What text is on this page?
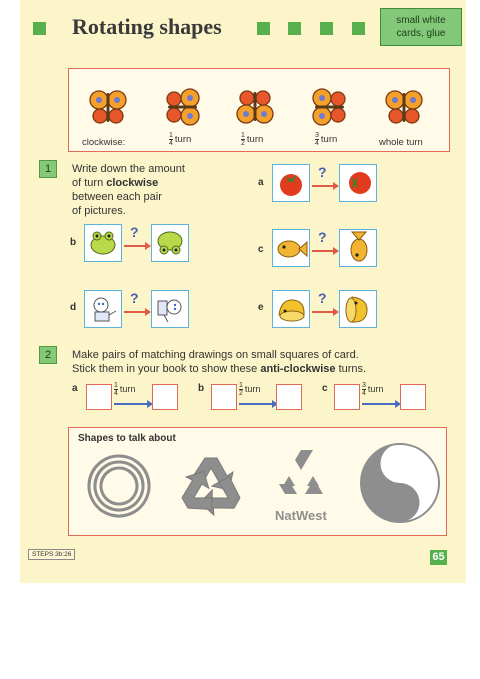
Rotating shapes	small white cards, glue
clockwise:	$\frac{1}{4}$ turn	$\frac{1}{2}$ turn	$\frac{3}{4}$ turn	whole turn
1	Write down the amount
of turn clockwise
between each pair
of pictures.
a
?
b
?
c
?
d
?
e
?
2	Make pairs of matching drawings on small squares of card.
Stick them in your book to show these anti-clockwise turns.
a	$\frac{1}{4}$ turn	b	$\frac{1}{2}$ turn	c	$\frac{3}{4}$ turn
Shapes to talk about
NatWest
STEPS 3b:26	65
